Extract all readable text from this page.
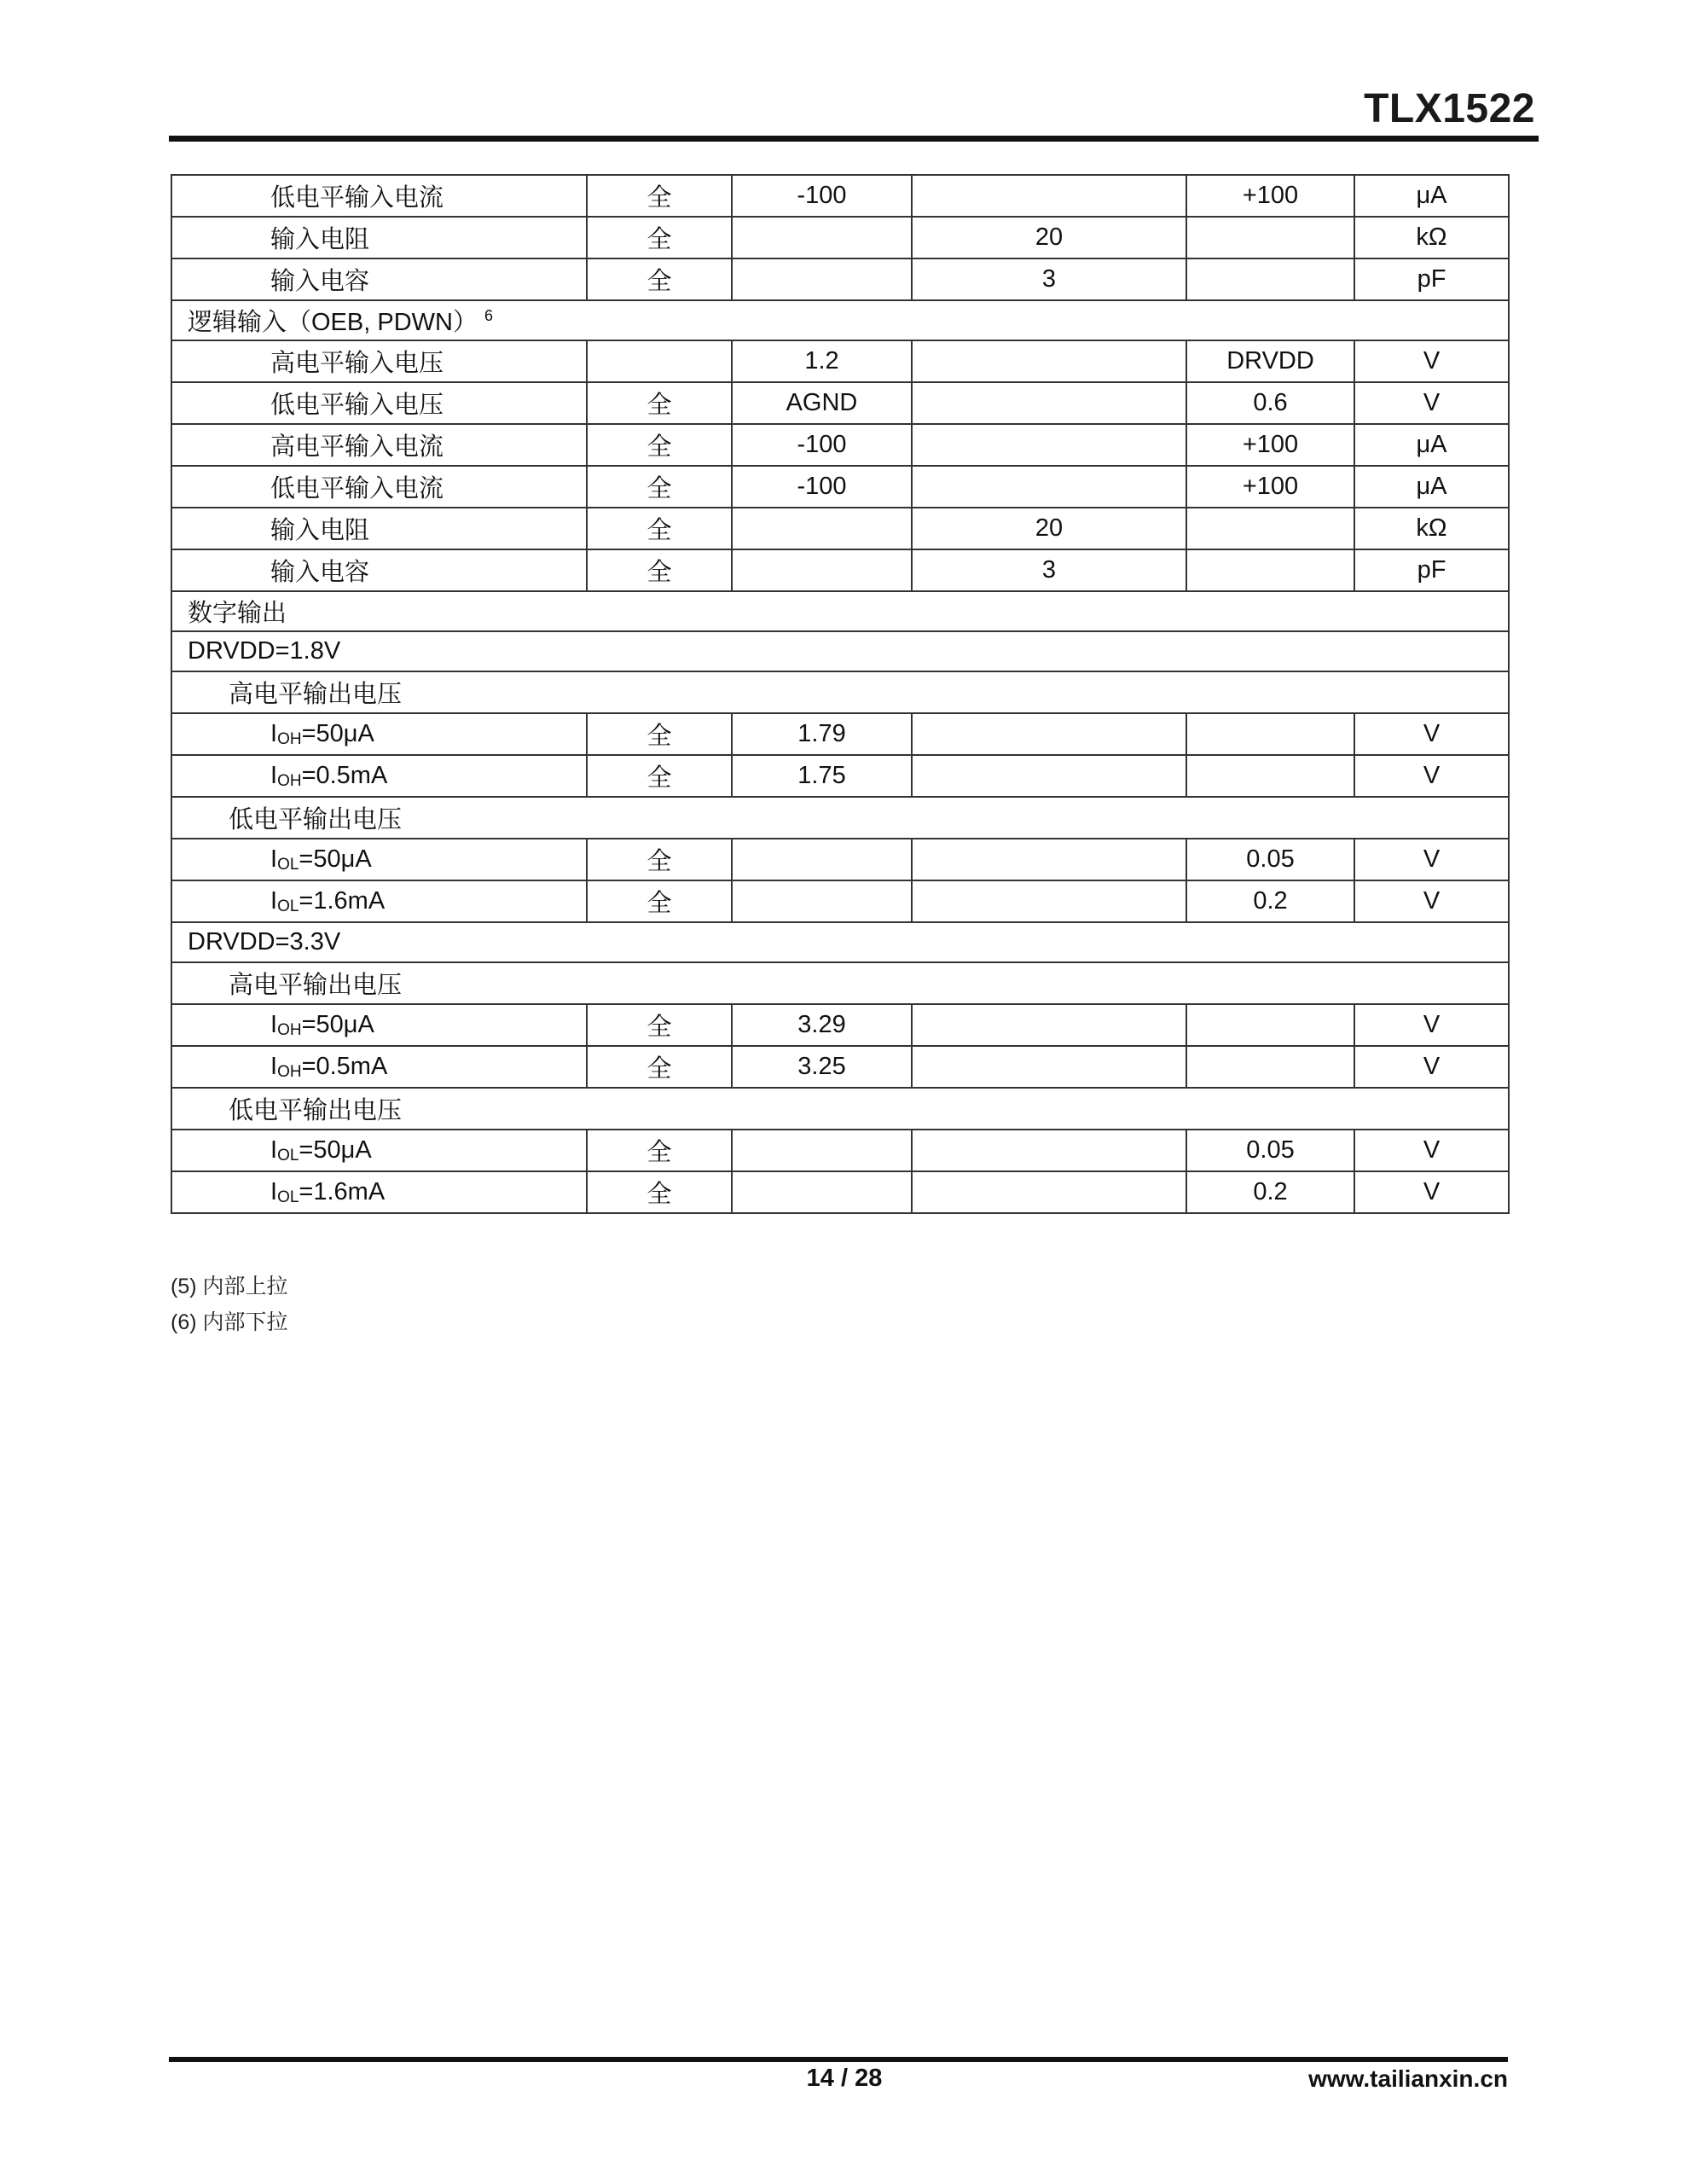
TLX1522
低电平输入电流	全	-100		+100	μA
输入电阻	全		20		kΩ
输入电容	全		3		pF
逻辑输入（OEB, PDWN） $^6$
高电平输入电压		1.2		DRVDD	V
低电平输入电压	全	AGND		0.6	V
高电平输入电流	全	-100		+100	μA
低电平输入电流	全	-100		+100	μA
输入电阻	全		20		kΩ
输入电容	全		3		pF
数字输出					
DRVDD=1.8V					
高电平输出电压					
IOH=50μA	全	1.79			V
IOH=0.5mA	全	1.75			V
低电平输出电压					
IOL=50μA	全			0.05	V
IOL=1.6mA	全			0.2	V
DRVDD=3.3V					
高电平输出电压					
IOH=50μA	全	3.29			V
IOH=0.5mA	全	3.25			V
低电平输出电压					
IOL=50μA	全			0.05	V
IOL=1.6mA	全			0.2	V
(5) 内部上拉
(6) 内部下拉
14 / 28	www.tailianxin.cn
